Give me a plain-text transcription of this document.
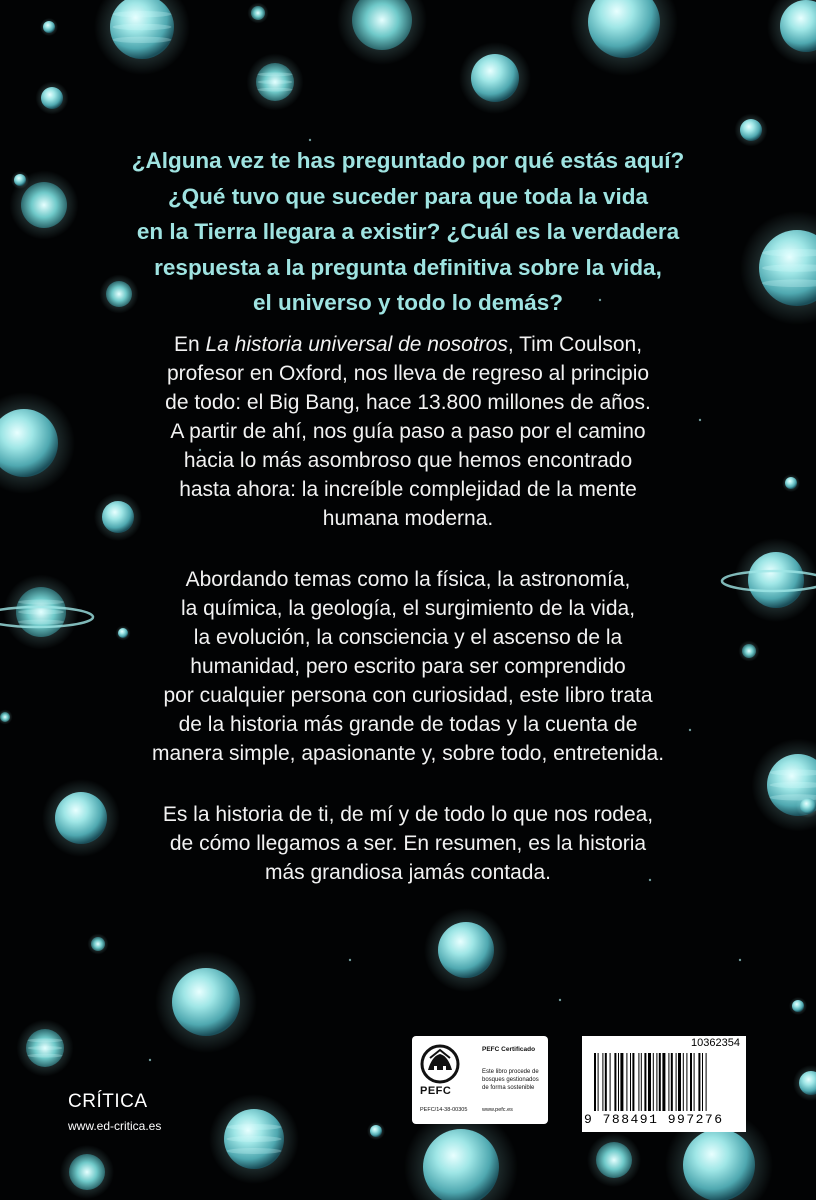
¿Alguna vez te has preguntado por qué estás aquí?
¿Qué tuvo que suceder para que toda la vida
en la Tierra llegara a existir? ¿Cuál es la verdadera
respuesta a la pregunta definitiva sobre la vida,
el universo y todo lo demás?
En La historia universal de nosotros, Tim Coulson,
profesor en Oxford, nos lleva de regreso al principio
de todo: el Big Bang, hace 13.800 millones de años.
A partir de ahí, nos guía paso a paso por el camino
hacia lo más asombroso que hemos encontrado
hasta ahora: la increíble complejidad de la mente
humana moderna.
Abordando temas como la física, la astronomía,
la química, la geología, el surgimiento de la vida,
la evolución, la consciencia y el ascenso de la
humanidad, pero escrito para ser comprendido
por cualquier persona con curiosidad, este libro trata
de la historia más grande de todas y la cuenta de
manera simple, apasionante y, sobre todo, entretenida.
Es la historia de ti, de mí y de todo lo que nos rodea,
de cómo llegamos a ser. En resumen, es la historia
más grandiosa jamás contada.
CRÍTICA
www.ed-critica.es
PEFC
PEFC/14-38-00305
PEFC Certificado
Este libro procede de bosques gestionados de forma sostenible
www.pefc.es
10362354
9 788491 997276
